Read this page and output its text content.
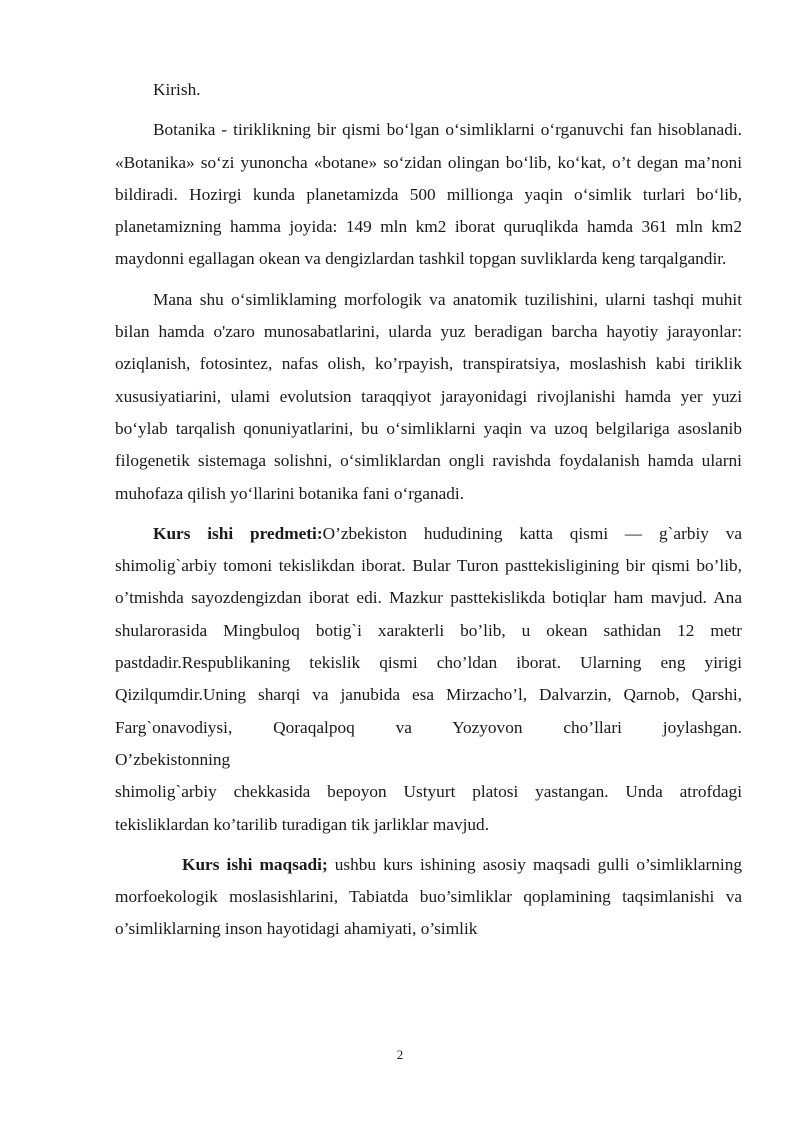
Kirish.

Botanika - tiriklikning bir qismi bo‘lgan o‘simliklarni o‘rganuvchi fan hisoblanadi. «Botanika» so‘zi yunoncha «botane» so‘zidan olingan bo‘lib, ko‘kat, o’t degan ma’noni bildiradi. Hozirgi kunda planetamizda 500 millionga yaqin o‘simlik turlari bo‘lib, planetamizning hamma joyida: 149 mln km2 iborat quruqlikda hamda 361 mln km2 maydonni egallagan okean va dengizlardan tashkil topgan suvliklarda keng tarqalgandir.

Mana shu o‘simliklaming morfologik va anatomik tuzilishini, ularni tashqi muhit bilan hamda o'zaro munosabatlarini, ularda yuz beradigan barcha hayotiy jarayonlar: oziqlanish, fotosintez, nafas olish, ko’rpayish, transpiratsiya, moslashish kabi tiriklik xususiyatiarini, ulami evolutsion taraqqiyot jarayonidagi rivojlanishi hamda yer yuzi bo‘ylab tarqalish qonuniyatlarini, bu o‘simliklarni yaqin va uzoq belgilariga asoslanib filogenetik sistemaga solishni, o‘simliklardan ongli ravishda foydalanish hamda ularni muhofaza qilish yo‘llarini botanika fani o‘rganadi.

Kurs ishi predmeti:O’zbekiston hududining katta qismi — g`arbiy va shimolig`arbiy tomoni tekislikdan iborat. Bular Turon pasttekisligining bir qismi bo’lib, o’tmishda sayozdengizdan iborat edi. Mazkur pasttekislikda botiqlar ham mavjud. Ana shularorasida Mingbuloq botig`i xarakterli bo’lib, u okean sathidan 12 metr pastdadir.Respublikaning tekislik qismi cho’ldan iborat. Ularning eng yirigi Qizilqumdir.Uning sharqi va janubida esa Mirzacho’l, Dalvarzin, Qarnob, Qarshi, Farg`onavodiysi, Qoraqalpoq va Yozyovon cho’llari joylashgan.

O’zbekistonning

shimolig`arbiy chekkasida bepoyon Ustyurt platosi yastangan. Unda atrofdagi tekisliklardan ko’tarilib turadigan tik jarliklar mavjud.

Kurs ishi maqsadi; ushbu kurs ishining asosiy maqsadi gulli o’simliklarning morfoekologik moslasishlarini, Tabiatda buo’simliklar qoplamining taqsimlanishi va o’simliklarning inson hayotidagi ahamiyati, o’simlik

2
